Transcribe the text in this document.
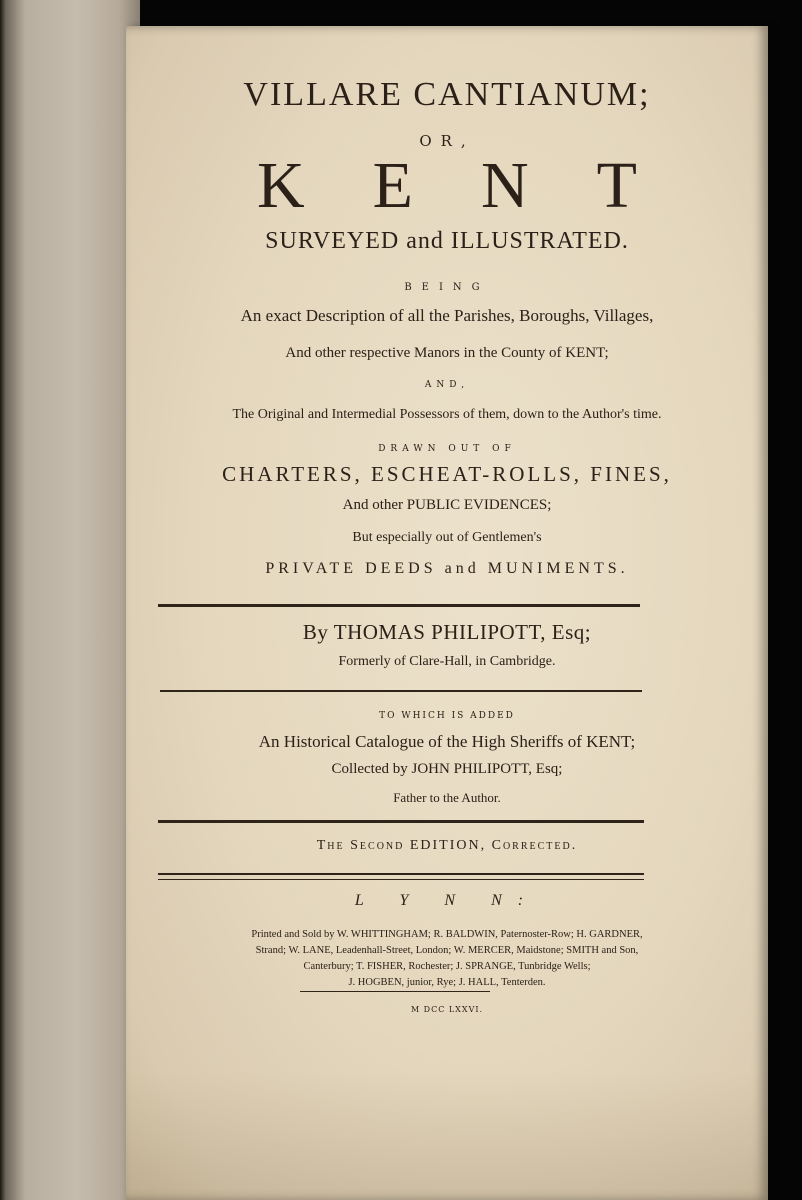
VILLARE CANTIANUM;
OR,
K E N T
SURVEYED and ILLUSTRATED.
BEING
An exact Description of all the Parishes, Boroughs, Villages,
And other respective Manors in the County of KENT;
AND,
The Original and Intermedial Possessors of them, down to the Author's time.
DRAWN OUT OF
CHARTERS, ESCHEAT-ROLLS, FINES,
And other PUBLIC EVIDENCES;
But especially out of Gentlemen's
PRIVATE DEEDS and MUNIMENTS.
By THOMAS PHILIPOTT, Esq;
Formerly of Clare-Hall, in Cambridge.
TO WHICH IS ADDED
An Historical Catalogue of the High Sheriffs of KENT;
Collected by JOHN PHILIPOTT, Esq;
Father to the Author.
The Second EDITION, Corrected.
L Y N N:
Printed and Sold by W. WHITTINGHAM; R. BALDWIN, Paternoster-Row; H. GARDNER,
Strand; W. LANE, Leadenhall-Street, London; W. MERCER, Maidstone; SMITH and Son,
Canterbury; T. FISHER, Rochester; J. SPRANGE, Tunbridge Wells;
J. HOGBEN, junior, Rye; J. HALL, Tenterden.
M DCC LXXVI.
